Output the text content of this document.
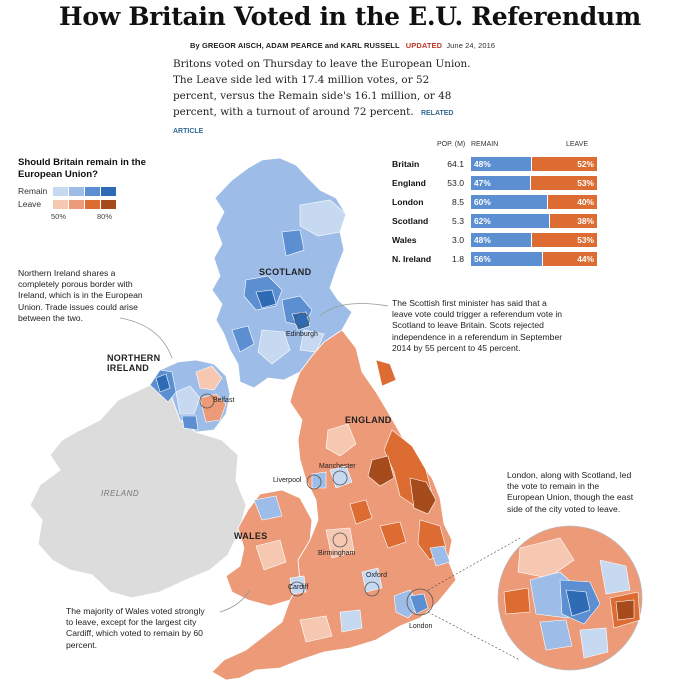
How Britain Voted in the E.U. Referendum
By GREGOR AISCH, ADAM PEARCE and KARL RUSSELL UPDATED June 24, 2016
Britons voted on Thursday to leave the European Union. The Leave side led with 17.4 million votes, or 52 percent, versus the Remain side's 16.1 million, or 48 percent, with a turnout of around 72 percent. RELATED ARTICLE
Should Britain remain in the European Union?
Remain
Leave
50%	80%
POP. (M) REMAIN	LEAVE
Britain	64.1 48%	52%
England	53.0 47%	53%
London	8.5 60%	40%
Scotland	5.3 62%	38%
Wales	3.0 48%	53%
N. Ireland	1.8 56%	44%
SCOTLAND
NORTHERN
IRELAND
ENGLAND
WALES
IRELAND
Edinburgh
Belfast
Manchester
Liverpool
Birmingham
Oxford
Cardiff
London
Northern Ireland shares a completely porous border with Ireland, which is in the European Union. Trade issues could arise between the two.
The Scottish first minister has said that a leave vote could trigger a referendum vote in Scotland to leave Britain. Scots rejected independence in a referendum in September 2014 by 55 percent to 45 percent.
London, along with Scotland, led the vote to remain in the European Union, though the east side of the city voted to leave.
The majority of Wales voted strongly to leave, except for the largest city Cardiff, which voted to remain by 60 percent.
